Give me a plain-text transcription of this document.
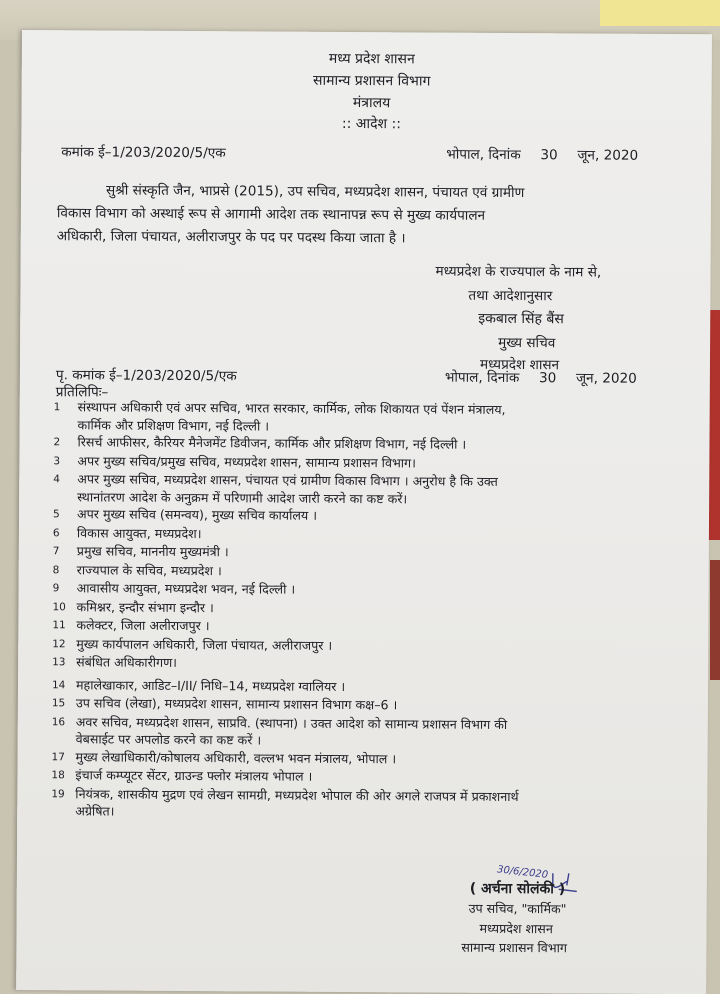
मध्य प्रदेश शासन
सामान्य प्रशासन विभाग
मंत्रालय
:: आदेश ::
कमांक ई–1/203/2020/5/एक	भोपाल, दिनांक 30 जून, 2020
सुश्री संस्कृति जैन, भाप्रसे (2015), उप सचिव, मध्यप्रदेश शासन, पंचायत एवं ग्रामीण
विकास विभाग को अस्थाई रूप से आगामी आदेश तक स्थानापन्न रूप से मुख्य कार्यपालन
अधिकारी, जिला पंचायत, अलीराजपुर के पद पर पदस्थ किया जाता है ।
मध्यप्रदेश के राज्यपाल के नाम से,
तथा आदेशानुसार
इकबाल सिंह बैंस
मुख्य सचिव
मध्यप्रदेश शासन
पृ. कमांक ई–1/203/2020/5/एक	भोपाल, दिनांक 30 जून, 2020
प्रतिलिपिः–
1	संस्थापन अधिकारी एवं अपर सचिव, भारत सरकार, कार्मिक, लोक शिकायत एवं पेंशन मंत्रालय,
कार्मिक और प्रशिक्षण विभाग, नई दिल्ली ।
2	रिसर्च आफीसर, कैरियर मैनेजमेंट डिवीजन, कार्मिक और प्रशिक्षण विभाग, नई दिल्ली ।
3	अपर मुख्य सचिव/प्रमुख सचिव, मध्यप्रदेश शासन, सामान्य प्रशासन विभाग।
4	अपर मुख्य सचिव, मध्यप्रदेश शासन, पंचायत एवं ग्रामीण विकास विभाग । अनुरोध है कि उक्त
स्थानांतरण आदेश के अनुक्रम में परिणामी आदेश जारी करने का कष्ट करें।
5	अपर मुख्य सचिव (समन्वय), मुख्य सचिव कार्यालय ।
6	विकास आयुक्त, मध्यप्रदेश।
7	प्रमुख सचिव, माननीय मुख्यमंत्री ।
8	राज्यपाल के सचिव, मध्यप्रदेश ।
9	आवासीय आयुक्त, मध्यप्रदेश भवन, नई दिल्ली ।
10 कमिश्नर, इन्दौर संभाग इन्दौर ।
11 कलेक्टर, जिला अलीराजपुर ।
12 मुख्य कार्यपालन अधिकारी, जिला पंचायत, अलीराजपुर ।
13 संबंधित अधिकारीगण।
14 महालेखाकार, आडिट–I/II/ निधि–14, मध्यप्रदेश ग्वालियर ।
15 उप सचिव (लेखा), मध्यप्रदेश शासन, सामान्य प्रशासन विभाग कक्ष–6 ।
16 अवर सचिव, मध्यप्रदेश शासन, साप्रवि. (स्थापना) । उक्त आदेश को सामान्य प्रशासन विभाग की
वेबसाईट पर अपलोड करने का कष्ट करें ।
17 मुख्य लेखाधिकारी/कोषालय अधिकारी, वल्लभ भवन मंत्रालय, भोपाल ।
18 इंचार्ज कम्प्यूटर सेंटर, ग्राउन्ड फ्लोर मंत्रालय भोपाल ।
19 नियंत्रक, शासकीय मुद्रण एवं लेखन सामग्री, मध्यप्रदेश भोपाल की ओर अगले राजपत्र में प्रकाशनार्थ
अग्रेषित।
30/6/2020
( अर्चना सोलंकी )
उप सचिव, "कार्मिक"
मध्यप्रदेश शासन
सामान्य प्रशासन विभाग
